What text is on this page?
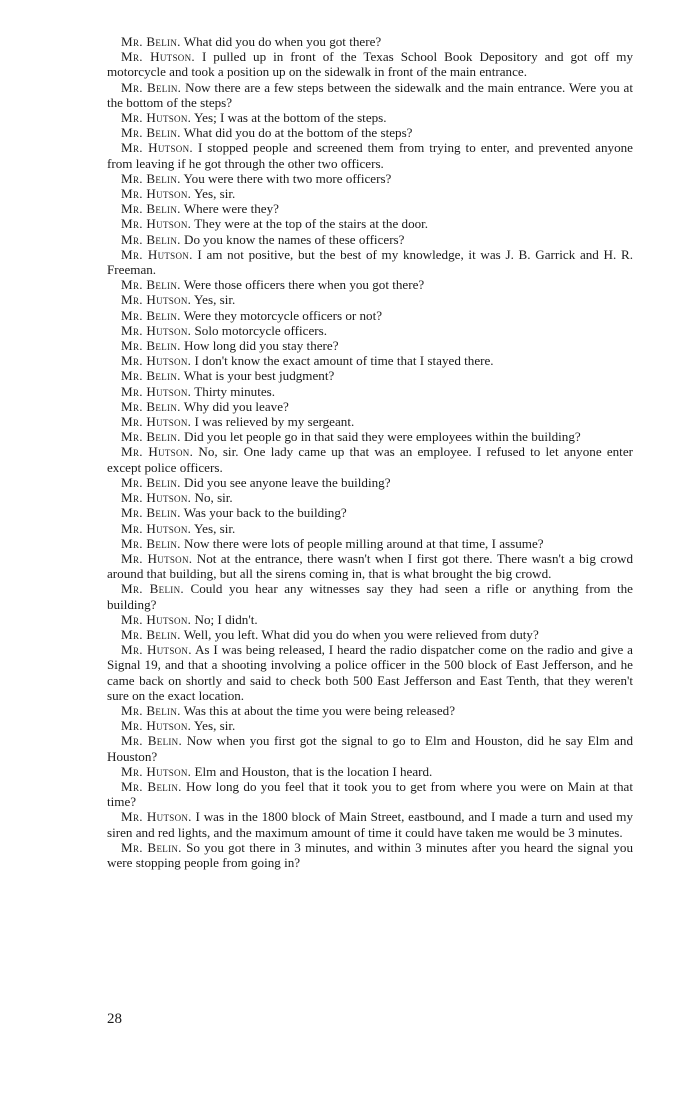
Mr. Belin. What did you do when you got there?

Mr. Hutson. I pulled up in front of the Texas School Book Depository and got off my motorcycle and took a position up on the sidewalk in front of the main entrance.

Mr. Belin. Now there are a few steps between the sidewalk and the main entrance. Were you at the bottom of the steps?

Mr. Hutson. Yes; I was at the bottom of the steps.

Mr. Belin. What did you do at the bottom of the steps?

Mr. Hutson. I stopped people and screened them from trying to enter, and prevented anyone from leaving if he got through the other two officers.

Mr. Belin. You were there with two more officers?

Mr. Hutson. Yes, sir.

Mr. Belin. Where were they?

Mr. Hutson. They were at the top of the stairs at the door.

Mr. Belin. Do you know the names of these officers?

Mr. Hutson. I am not positive, but the best of my knowledge, it was J. B. Garrick and H. R. Freeman.

Mr. Belin. Were those officers there when you got there?

Mr. Hutson. Yes, sir.

Mr. Belin. Were they motorcycle officers or not?

Mr. Hutson. Solo motorcycle officers.

Mr. Belin. How long did you stay there?

Mr. Hutson. I don't know the exact amount of time that I stayed there.

Mr. Belin. What is your best judgment?

Mr. Hutson. Thirty minutes.

Mr. Belin. Why did you leave?

Mr. Hutson. I was relieved by my sergeant.

Mr. Belin. Did you let people go in that said they were employees within the building?

Mr. Hutson. No, sir. One lady came up that was an employee. I refused to let anyone enter except police officers.

Mr. Belin. Did you see anyone leave the building?

Mr. Hutson. No, sir.

Mr. Belin. Was your back to the building?

Mr. Hutson. Yes, sir.

Mr. Belin. Now there were lots of people milling around at that time, I assume?

Mr. Hutson. Not at the entrance, there wasn't when I first got there. There wasn't a big crowd around that building, but all the sirens coming in, that is what brought the big crowd.

Mr. Belin. Could you hear any witnesses say they had seen a rifle or anything from the building?

Mr. Hutson. No; I didn't.

Mr. Belin. Well, you left. What did you do when you were relieved from duty?

Mr. Hutson. As I was being released, I heard the radio dispatcher come on the radio and give a Signal 19, and that a shooting involving a police officer in the 500 block of East Jefferson, and he came back on shortly and said to check both 500 East Jefferson and East Tenth, that they weren't sure on the exact location.

Mr. Belin. Was this at about the time you were being released?

Mr. Hutson. Yes, sir.

Mr. Belin. Now when you first got the signal to go to Elm and Houston, did he say Elm and Houston?

Mr. Hutson. Elm and Houston, that is the location I heard.

Mr. Belin. How long do you feel that it took you to get from where you were on Main at that time?

Mr. Hutson. I was in the 1800 block of Main Street, eastbound, and I made a turn and used my siren and red lights, and the maximum amount of time it could have taken me would be 3 minutes.

Mr. Belin. So you got there in 3 minutes, and within 3 minutes after you heard the signal you were stopping people from going in?

28
